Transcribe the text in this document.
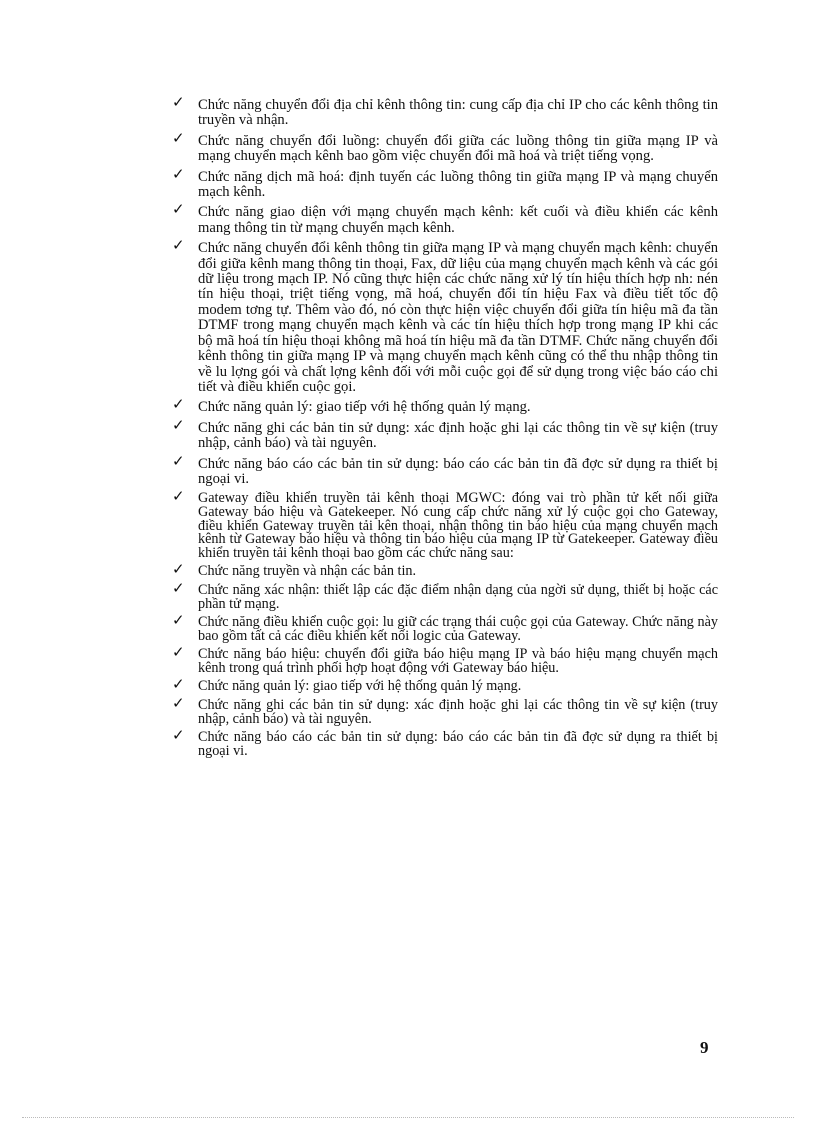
✓ Chức năng chuyển đổi địa chỉ kênh thông tin: cung cấp địa chỉ IP cho các kênh thông tin truyền và nhận.
✓ Chức năng chuyển đổi luồng: chuyển đổi giữa các luồng thông tin giữa mạng IP và mạng chuyển mạch kênh bao gồm việc chuyển đổi mã hoá và triệt tiếng vọng.
✓ Chức năng dịch mã hoá: định tuyến các luồng thông tin giữa mạng IP và mạng chuyển mạch kênh.
✓ Chức năng giao diện với mạng chuyển mạch kênh: kết cuối và điều khiển các kênh mang thông tin từ mạng chuyển mạch kênh.
✓ Chức năng chuyển đổi kênh thông tin giữa mạng IP và mạng chuyển mạch kênh: chuyển đổi giữa kênh mang thông tin thoại, Fax, dữ liệu của mạng chuyển mạch kênh và các gói dữ liệu trong mạch IP. Nó cũng thực hiện các chức năng xử lý tín hiệu thích hợp nh: nén tín hiệu thoại, triệt tiếng vọng, mã hoá, chuyển đổi tín hiệu Fax và điều tiết tốc độ modem tơng tự. Thêm vào đó, nó còn thực hiện việc chuyển đổi giữa tín hiệu mã đa tần DTMF trong mạng chuyển mạch kênh và các tín hiệu thích hợp trong mạng IP khi các bộ mã hoá tín hiệu thoại không mã hoá tín hiệu mã đa tần DTMF. Chức năng chuyển đổi kênh thông tin giữa mạng IP và mạng chuyển mạch kênh cũng có thể thu nhập thông tin về lu lợng gói và chất lợng kênh đối với mỗi cuộc gọi để sử dụng trong việc báo cáo chi tiết và điều khiển cuộc gọi.
✓ Chức năng quản lý: giao tiếp với hệ thống quản lý mạng.
✓ Chức năng ghi các bản tin sử dụng: xác định hoặc ghi lại các thông tin về sự kiện (truy nhập, cảnh báo) và tài nguyên.
✓ Chức năng báo cáo các bản tin sử dụng: báo cáo các bản tin đã đợc sử dụng ra thiết bị ngoại vi.
✓ Gateway điều khiển truyền tải kênh thoại MGWC: đóng vai trò phần tử kết nối giữa Gateway báo hiệu và Gatekeeper. Nó cung cấp chức năng xử lý cuộc gọi cho Gateway, điều khiển Gateway truyền tải kên thoại, nhận thông tin báo hiệu của mạng chuyển mạch kênh từ Gateway báo hiệu và thông tin báo hiệu của mạng IP từ Gatekeeper. Gateway điều khiển truyền tải kênh thoại bao gồm các chức năng sau:
✓ Chức năng truyền và nhận các bản tin.
✓ Chức năng xác nhận: thiết lập các đặc điểm nhận dạng của ngời sử dụng, thiết bị hoặc các phần tử mạng.
✓ Chức năng điều khiển cuộc gọi: lu giữ các trạng thái cuộc gọi của Gateway. Chức năng này bao gồm tất cả các điều khiển kết nối logic của Gateway.
✓ Chức năng báo hiệu: chuyển đổi giữa báo hiệu mạng IP và báo hiệu mạng chuyển mạch kênh trong quá trình phối hợp hoạt động với Gateway báo hiệu.
✓ Chức năng quản lý: giao tiếp với hệ thống quản lý mạng.
✓ Chức năng ghi các bản tin sử dụng: xác định hoặc ghi lại các thông tin về sự kiện (truy nhập, cảnh báo) và tài nguyên.
✓ Chức năng báo cáo các bản tin sử dụng: báo cáo các bản tin đã đợc sử dụng ra thiết bị ngoại vi.
9
